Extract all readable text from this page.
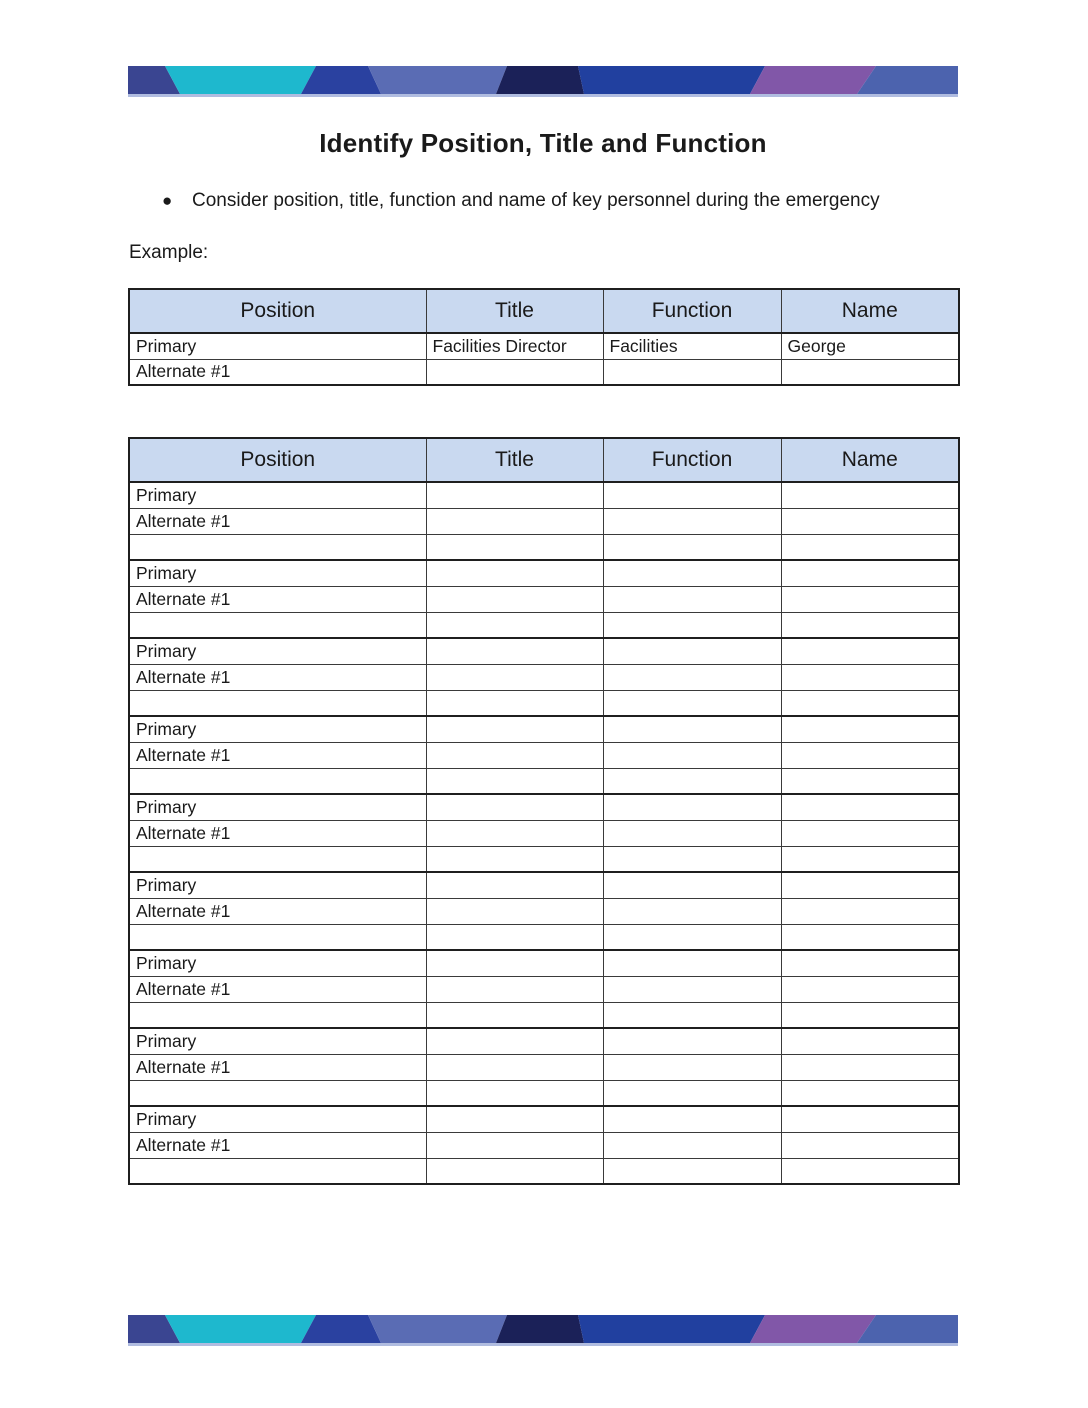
Identify Position, Title and Function
●	Consider position, title, function and name of key personnel during the emergency
Example:
Position	Title	Function	Name
Primary	Facilities Director	Facilities	George
Alternate #1			
Position	Title	Function	Name
Primary			
Alternate #1			

Primary			
Alternate #1			

Primary			
Alternate #1			

Primary			
Alternate #1			

Primary			
Alternate #1			

Primary			
Alternate #1			

Primary			
Alternate #1			

Primary			
Alternate #1			

Primary			
Alternate #1			
